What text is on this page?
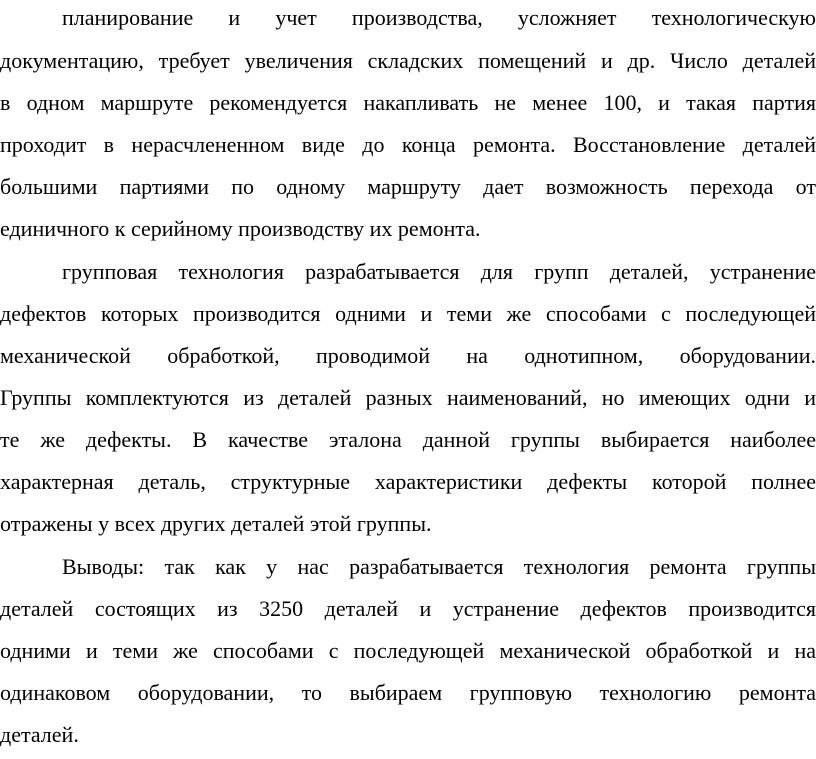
планирование и учет производства, усложняет технологическую
документацию, требует увеличения складских помещений и др. Число деталей
в одном маршруте рекомендуется накапливать не менее 100, и такая партия
проходит в нерасчлененном виде до конца ремонта. Восстановление деталей
большими партиями по одному маршруту дает возможность перехода от
единичного к серийному производству их ремонта.
групповая технология разрабатывается для групп деталей, устранение
дефектов которых производится одними и теми же способами с последующей
механической обработкой, проводимой на однотипном, оборудовании.
Группы комплектуются из деталей разных наименований, но имеющих одни и
те же дефекты. В качестве эталона данной группы выбирается наиболее
характерная деталь, структурные характеристики дефекты которой полнее
отражены у всех других деталей этой группы.
Выводы: так как у нас разрабатывается технология ремонта группы
деталей состоящих из 3250 деталей и устранение дефектов производится
одними и теми же способами с последующей механической обработкой и на
одинаковом оборудовании, то выбираем групповую технологию ремонта
деталей.
